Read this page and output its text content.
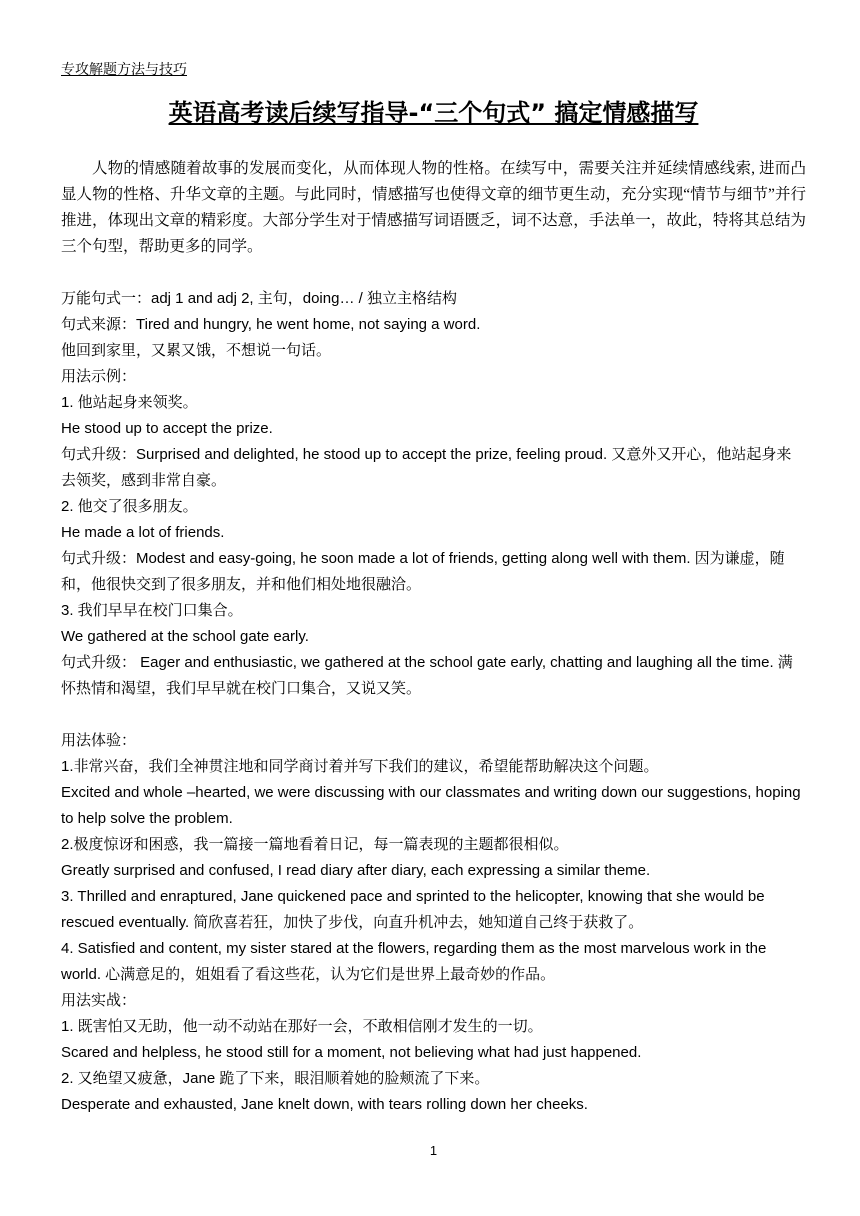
专攻解题方法与技巧
英语高考读后续写指导-“三个句式” 搞定情感描写

人物的情感随着故事的发展而变化，从而体现人物的性格。在续写中，需要关注并延续情感线索, 进而凸显人物的性格、升华文章的主题。与此同时，情感描写也使得文章的细节更生动，充分实现“情节与细节”并行推进，体现出文章的精彩度。大部分学生对于情感描写词语匮乏，词不达意，手法单一，故此，特将其总结为三个句型，帮助更多的同学。

万能句式一：adj 1 and adj 2, 主句，doing… / 独立主格结构

句式来源：Tired and hungry, he went home, not saying a word.

他回到家里，又累又饿，不想说一句话。

用法示例：

1. 他站起身来领奖。

He stood up to accept the prize.

句式升级：Surprised and delighted, he stood up to accept the prize, feeling proud. 又意外又开心，他站起身来去领奖，感到非常自豪。

2. 他交了很多朋友。

He made a lot of friends.

句式升级：Modest and easy-going, he soon made a lot of friends, getting along well with them. 因为谦虚，随和，他很快交到了很多朋友，并和他们相处地很融洽。

3. 我们早早在校门口集合。

We gathered at the school gate early.

句式升级： Eager and enthusiastic, we gathered at the school gate early, chatting and laughing all the time. 满怀热情和渴望，我们早早就在校门口集合，又说又笑。

用法体验：

1.非常兴奋，我们全神贯注地和同学商讨着并写下我们的建议，希望能帮助解决这个问题。

Excited and whole –hearted, we were discussing with our classmates and writing down our suggestions, hoping to help solve the problem.

2.极度惊讶和困惑，我一篇接一篇地看着日记，每一篇表现的主题都很相似。

Greatly surprised and confused, I read diary after diary, each expressing a similar theme.

3. Thrilled and enraptured, Jane quickened pace and sprinted to the helicopter, knowing that she would be rescued eventually. 简欣喜若狂，加快了步伐，向直升机冲去，她知道自己终于获救了。

4. Satisfied and content, my sister stared at the flowers, regarding them as the most marvelous work in the world. 心满意足的，姐姐看了看这些花，认为它们是世界上最奇妙的作品。

用法实战：

1. 既害怕又无助，他一动不动站在那好一会，不敢相信刚才发生的一切。

Scared and helpless, he stood still for a moment, not believing what had just happened.

2. 又绝望又疲惫，Jane 跪了下来，眼泪顺着她的脸颊流了下来。

Desperate and exhausted, Jane knelt down, with tears rolling down her cheeks.

1
